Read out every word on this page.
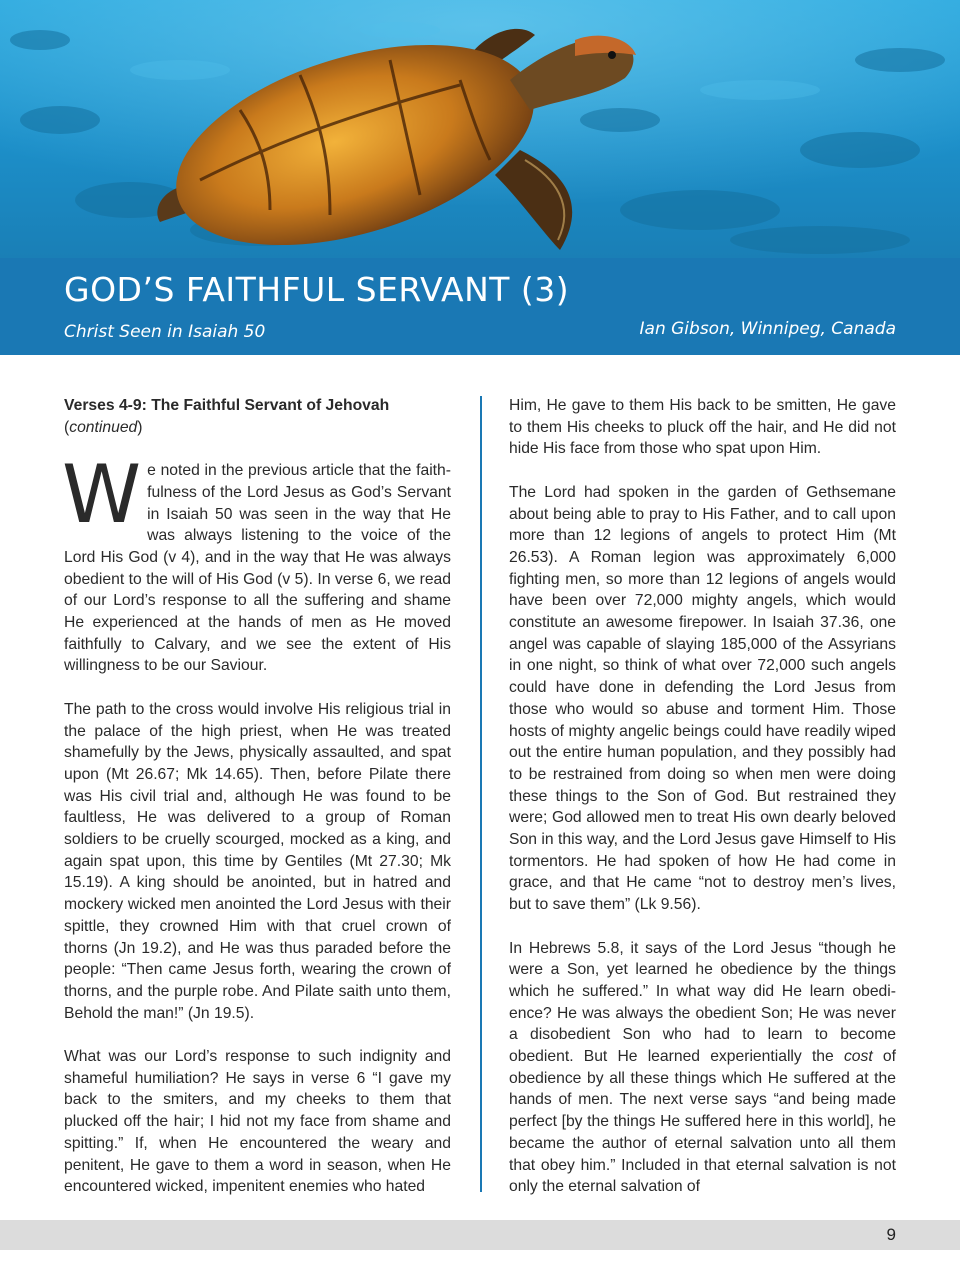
GOD’S FAITHFUL SERVANT (3)
Christ Seen in Isaiah 50	Ian Gibson, Winnipeg, Canada

Verses 4-9: The Faithful Servant of Jehovah
(continued)

We noted in the previous article that the faithfulness of the Lord Jesus as God’s Servant in Isaiah 50 was seen in the way that He was always listening to the voice of the Lord His God (v 4), and in the way that He was always obedient to the will of His God (v 5). In verse 6, we read of our Lord’s response to all the suffering and shame He experienced at the hands of men as He moved faithfully to Calvary, and we see the extent of His willingness to be our Saviour.

The path to the cross would involve His religious trial in the palace of the high priest, when He was treated shamefully by the Jews, physically assaulted, and spat upon (Mt 26.67; Mk 14.65). Then, before Pilate there was His civil trial and, although He was found to be faultless, He was delivered to a group of Roman soldiers to be cruelly scourged, mocked as a king, and again spat upon, this time by Gentiles (Mt 27.30; Mk 15.19). A king should be anointed, but in hatred and mockery wicked men anointed the Lord Jesus with their spittle, they crowned Him with that cruel crown of thorns (Jn 19.2), and He was thus paraded before the people: “Then came Jesus forth, wearing the crown of thorns, and the purple robe. And Pilate saith unto them, Behold the man!” (Jn 19.5).

What was our Lord’s response to such indignity and shameful humiliation? He says in verse 6 “I gave my back to the smiters, and my cheeks to them that plucked off the hair; I hid not my face from shame and spitting.” If, when He encountered the weary and penitent, He gave to them a word in season, when He encountered wicked, impenitent enemies who hated

Him, He gave to them His back to be smitten, He gave to them His cheeks to pluck off the hair, and He did not hide His face from those who spat upon Him.

The Lord had spoken in the garden of Gethsemane about being able to pray to His Father, and to call upon more than 12 legions of angels to protect Him (Mt 26.53). A Roman legion was approximately 6,000 fighting men, so more than 12 legions of angels would have been over 72,000 mighty angels, which would constitute an awesome firepower. In Isaiah 37.36, one angel was capable of slaying 185,000 of the Assyrians in one night, so think of what over 72,000 such angels could have done in defending the Lord Jesus from those who would so abuse and torment Him. Those hosts of mighty angelic beings could have readily wiped out the entire human population, and they possibly had to be restrained from doing so when men were doing these things to the Son of God. But restrained they were; God allowed men to treat His own dearly beloved Son in this way, and the Lord Jesus gave Himself to His tormentors. He had spoken of how He had come in grace, and that He came “not to destroy men’s lives, but to save them” (Lk 9.56).

In Hebrews 5.8, it says of the Lord Jesus “though he were a Son, yet learned he obedience by the things which he suffered.” In what way did He learn obedience? He was always the obedient Son; He was never a disobedient Son who had to learn to become obedient. But He learned experientially the cost of obedience by all these things which He suffered at the hands of men. The next verse says “and being made perfect [by the things He suffered here in this world], he became the author of eternal salvation unto all them that obey him.” Included in that eternal salvation is not only the eternal salvation of

9
